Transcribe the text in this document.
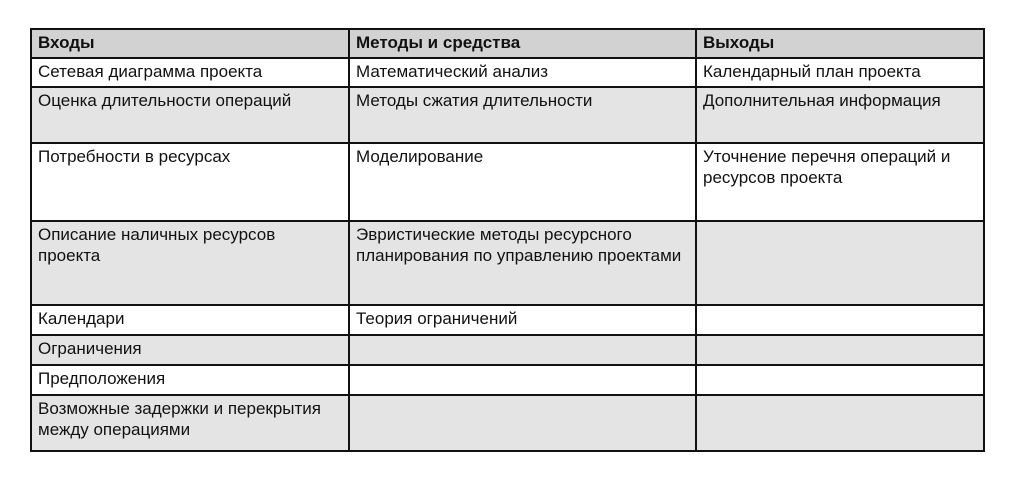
Входы	Методы и средства	Выходы
Сетевая диаграмма проекта	Математический анализ	Календарный план проекта
Оценка длительности операций	Методы сжатия длительности	Дополнительная информация
Потребности в ресурсах	Моделирование	Уточнение перечня операций и ресурсов проекта
Описание наличных ресурсов проекта	Эвристические методы ресурсного планирования по управлению проектами	
Календари	Теория ограничений	
Ограничения		
Предположения		
Возможные задержки и перекрытия между операциями		
